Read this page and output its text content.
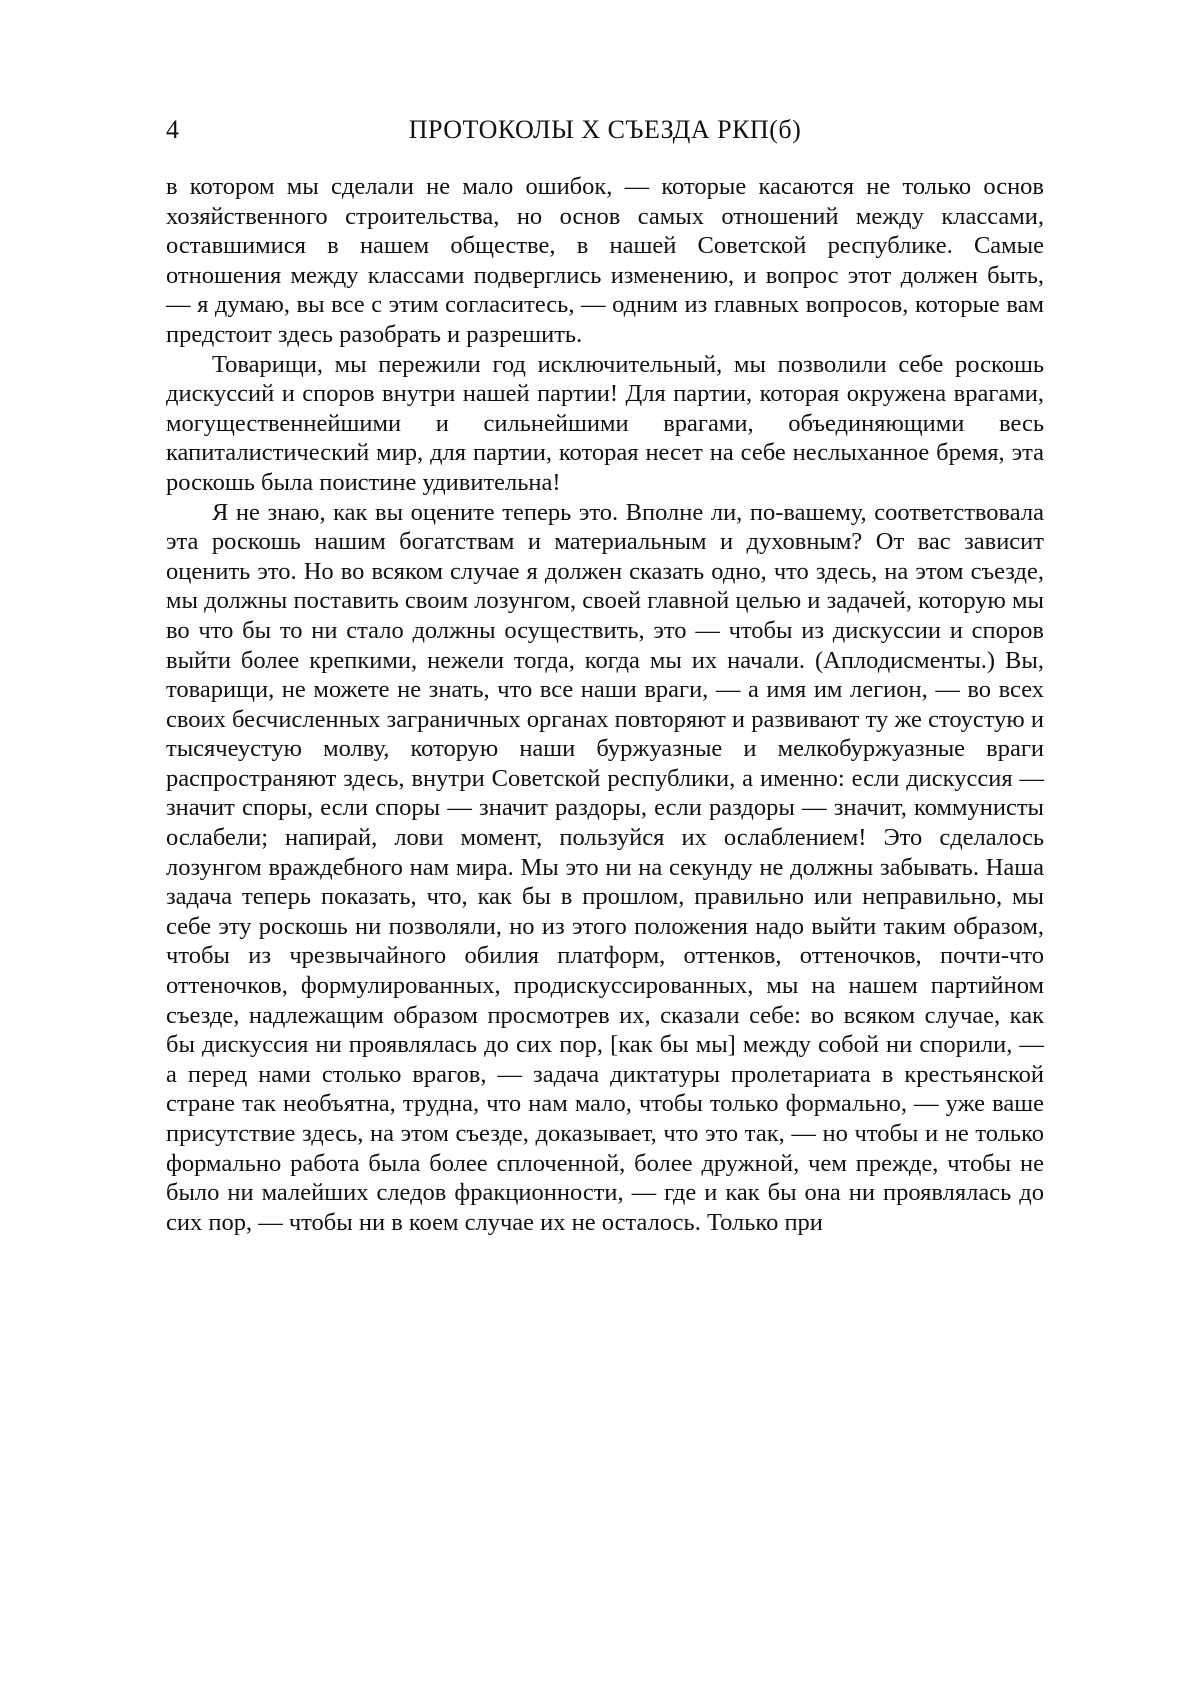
4	ПРОТОКОЛЫ X СЪЕЗДА РКП(б)

в котором мы сделали не мало ошибок, — которые касаются не только основ хозяйственного строительства, но основ самых отношений между классами, оставшимися в нашем обществе, в нашей Советской республике. Самые отношения между классами подверглись изменению, и вопрос этот должен быть, — я думаю, вы все с этим согласитесь, — одним из главных вопросов, которые вам предстоит здесь разобрать и разрешить.

Товарищи, мы пережили год исключительный, мы позволили себе роскошь дискуссий и споров внутри нашей партии! Для партии, которая окружена врагами, могущественнейшими и сильнейшими врагами, объединяющими весь капиталистический мир, для партии, которая несет на себе неслыханное бремя, эта роскошь была поистине удивительна!

Я не знаю, как вы оцените теперь это. Вполне ли, по-вашему, соответствовала эта роскошь нашим богатствам и материальным и духовным? От вас зависит оценить это. Но во всяком случае я должен сказать одно, что здесь, на этом съезде, мы должны поставить своим лозунгом, своей главной целью и задачей, которую мы во что бы то ни стало должны осуществить, это — чтобы из дискуссии и споров выйти более крепкими, нежели тогда, когда мы их начали. (Аплодисменты.) Вы, товарищи, не можете не знать, что все наши враги, — а имя им легион, — во всех своих бесчисленных заграничных органах повторяют и развивают ту же стоустую и тысячеустую молву, которую наши буржуазные и мелкобуржуазные враги распространяют здесь, внутри Советской республики, а именно: если дискуссия — значит споры, если споры — значит раздоры, если раздоры — значит, коммунисты ослабели; напирай, лови момент, пользуйся их ослаблением! Это сделалось лозунгом враждебного нам мира. Мы это ни на секунду не должны забывать. Наша задача теперь показать, что, как бы в прошлом, правильно или неправильно, мы себе эту роскошь ни позволяли, но из этого положения надо выйти таким образом, чтобы из чрезвычайного обилия платформ, оттенков, оттеночков, почти-что оттеночков, формулированных, продискуссированных, мы на нашем партийном съезде, надлежащим образом просмотрев их, сказали себе: во всяком случае, как бы дискуссия ни проявлялась до сих пор, [как бы мы] между собой ни спорили, — а перед нами столько врагов, — задача диктатуры пролетариата в крестьянской стране так необъятна, трудна, что нам мало, чтобы только формально, — уже ваше присутствие здесь, на этом съезде, доказывает, что это так, — но чтобы и не только формально работа была более сплоченной, более дружной, чем прежде, чтобы не было ни малейших следов фракционности, — где и как бы она ни проявлялась до сих пор, — чтобы ни в коем случае их не осталось. Только при
